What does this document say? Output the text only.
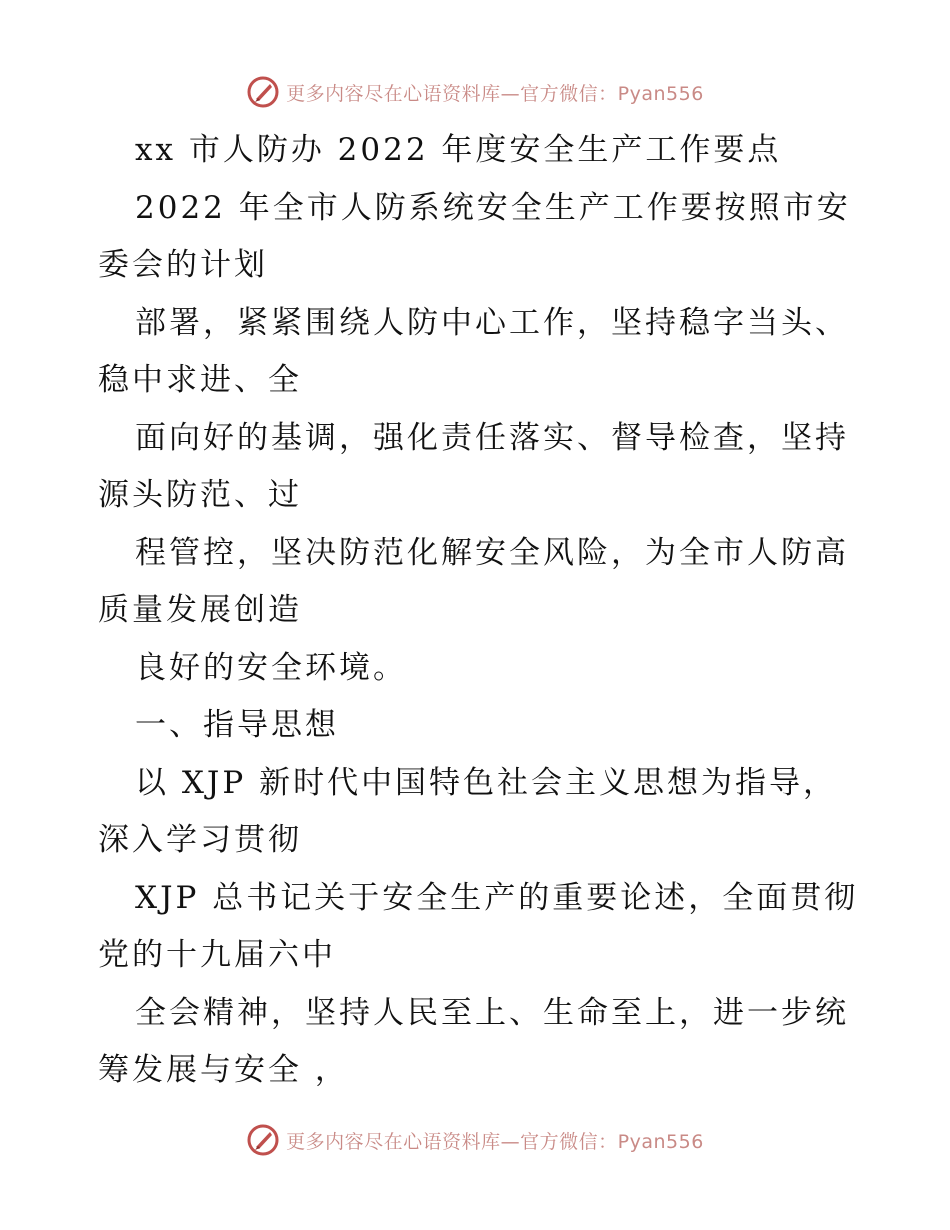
更多内容尽在心语资料库—官方微信：Pyan556
xx 市人防办 2022 年度安全生产工作要点
2022 年全市人防系统安全生产工作要按照市安
委会的计划
部署，紧紧围绕人防中心工作，坚持稳字当头、
稳中求进、全
面向好的基调，强化责任落实、督导检查，坚持
源头防范、过
程管控，坚决防范化解安全风险，为全市人防高
质量发展创造
良好的安全环境。
一、指导思想
以 XJP 新时代中国特色社会主义思想为指导，
深入学习贯彻
XJP 总书记关于安全生产的重要论述，全面贯彻
党的十九届六中
全会精神，坚持人民至上、生命至上，进一步统
筹发展与安全 ，
更多内容尽在心语资料库—官方微信：Pyan556
